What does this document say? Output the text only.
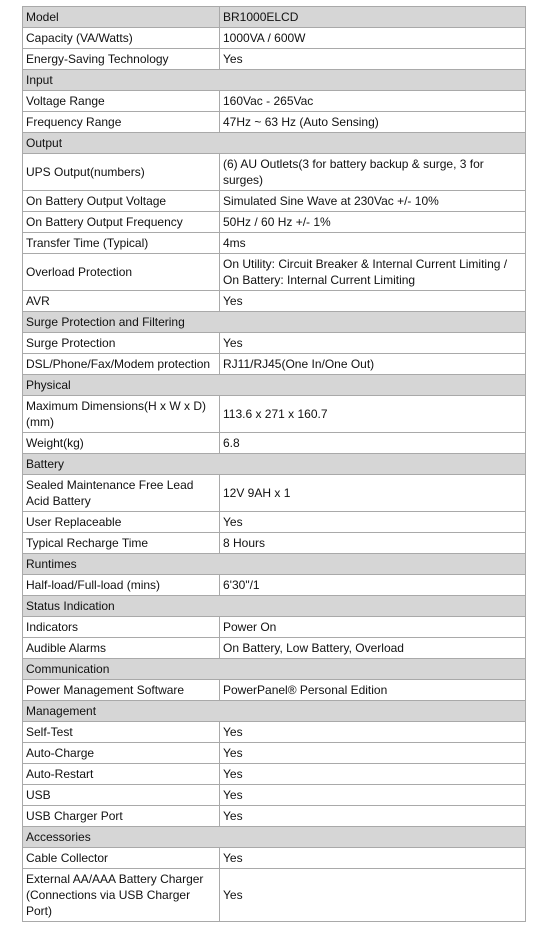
Model	BR1000ELCD
Capacity (VA/Watts)	1000VA / 600W
Energy-Saving Technology	Yes
Input	
Voltage Range	160Vac - 265Vac
Frequency Range	47Hz ~ 63 Hz (Auto Sensing)
Output	
UPS Output(numbers)	(6) AU Outlets(3 for battery backup & surge, 3 for surges)
On Battery Output Voltage	Simulated Sine Wave at 230Vac +/- 10%
On Battery Output Frequency	50Hz / 60 Hz +/- 1%
Transfer Time (Typical)	4ms
Overload Protection	On Utility: Circuit Breaker & Internal Current Limiting / On Battery: Internal Current Limiting
AVR	Yes
Surge Protection and Filtering	
Surge Protection	Yes
DSL/Phone/Fax/Modem protection	RJ11/RJ45(One In/One Out)
Physical	
Maximum Dimensions(H x W x D) (mm)	113.6 x 271 x 160.7
Weight(kg)	6.8
Battery	
Sealed Maintenance Free Lead Acid Battery	12V 9AH x 1
User Replaceable	Yes
Typical Recharge Time	8 Hours
Runtimes	
Half-load/Full-load (mins)	6'30"/1
Status Indication	
Indicators	Power On
Audible Alarms	On Battery, Low Battery, Overload
Communication	
Power Management Software	PowerPanel® Personal Edition
Management	
Self-Test	Yes
Auto-Charge	Yes
Auto-Restart	Yes
USB	Yes
USB Charger Port	Yes
Accessories	
Cable Collector	Yes
External AA/AAA Battery Charger (Connections via USB Charger Port)	Yes
